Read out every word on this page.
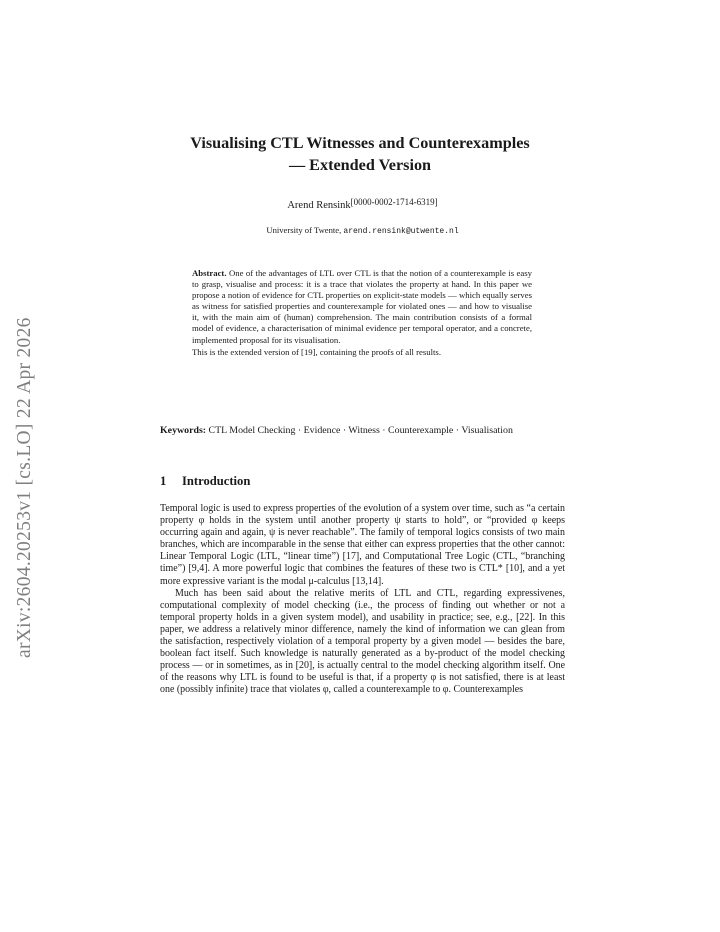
arXiv:2604.20253v1 [cs.LO] 22 Apr 2026
Visualising CTL Witnesses and Counterexamples
— Extended Version
Arend Rensink[0000-0002-1714-6319]
University of Twente, arend.rensink@utwente.nl

Abstract. One of the advantages of LTL over CTL is that the notion of a counterexample is easy to grasp, visualise and process: it is a trace that violates the property at hand. In this paper we propose a notion of evidence for CTL properties on explicit-state models — which equally serves as witness for satisfied properties and counterexample for violated ones — and how to visualise it, with the main aim of (human) comprehension. The main contribution consists of a formal model of evidence, a characterisation of minimal evidence per temporal operator, and a concrete, implemented proposal for its visualisation.

This is the extended version of [19], containing the proofs of all results.

Keywords: CTL Model Checking · Evidence · Witness · Counterexample · Visualisation
1 Introduction

Temporal logic is used to express properties of the evolution of a system over time, such as “a certain property φ holds in the system until another property ψ starts to hold”, or “provided φ keeps occurring again and again, ψ is never reachable”. The family of temporal logics consists of two main branches, which are incomparable in the sense that either can express properties that the other cannot: Linear Temporal Logic (LTL, “linear time”) [17], and Computational Tree Logic (CTL, “branching time”) [9,4]. A more powerful logic that combines the features of these two is CTL* [10], and a yet more expressive variant is the modal μ-calculus [13,14].

Much has been said about the relative merits of LTL and CTL, regarding expressivenes, computational complexity of model checking (i.e., the process of finding out whether or not a temporal property holds in a given system model), and usability in practice; see, e.g., [22]. In this paper, we address a relatively minor difference, namely the kind of information we can glean from the satisfaction, respectively violation of a temporal property by a given model — besides the bare, boolean fact itself. Such knowledge is naturally generated as a by-product of the model checking process — or in sometimes, as in [20], is actually central to the model checking algorithm itself. One of the reasons why LTL is found to be useful is that, if a property φ is not satisfied, there is at least one (possibly infinite) trace that violates φ, called a counterexample to φ. Counterexamples
